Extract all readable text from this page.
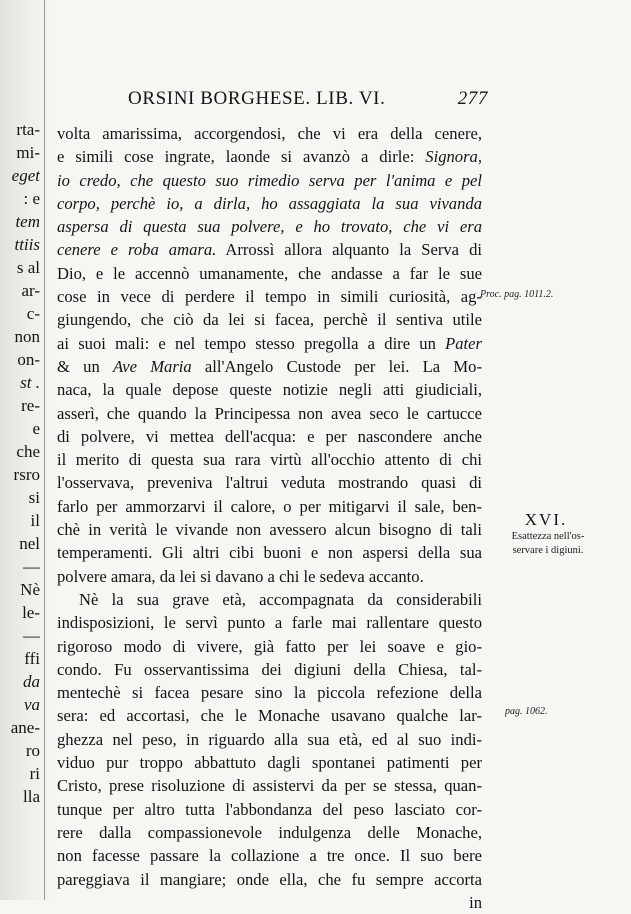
rta-
mi-
eget
: e
tem
ttiis
s al
ar-
c-
non
on-
st .
re-
e
che
rsro
si
il
nel
—
Nè
le-
—
ffi
da
va
ane-
ro
ri
lla
ORSINI BORGHESE. LIB. VI.	277
volta amarissima, accorgendosi, che vi era della cenere,
e simili cose ingrate, laonde si avanzò a dirle: Signora,
io credo, che questo suo rimedio serva per l'anima e pel
corpo, perchè io, a dirla, ho assaggiata la sua vivanda
aspersa di questa sua polvere, e ho trovato, che vi era
cenere e roba amara. Arrossì allora alquanto la Serva di
Dio, e le accennò umanamente, che andasse a far le sue
cose in vece di perdere il tempo in simili curiosità, ag-
giungendo, che ciò da lei si facea, perchè il sentiva utile
ai suoi mali: e nel tempo stesso pregolla a dire un Pater
& un Ave Maria all'Angelo Custode per lei. La Mo-
naca, la quale depose queste notizie negli atti giudiciali,
asserì, che quando la Principessa non avea seco le cartucce
di polvere, vi mettea dell'acqua: e per nascondere anche
il merito di questa sua rara virtù all'occhio attento di chi
l'osservava, preveniva l'altrui veduta mostrando quasi di
farlo per ammorzarvi il calore, o per mitigarvi il sale, ben-
chè in verità le vivande non avessero alcun bisogno di tali
temperamenti. Gli altri cibi buoni e non aspersi della sua
polvere amara, da lei si davano a chi le sedeva accanto.
Nè la sua grave età, accompagnata da considerabili
indisposizioni, le servì punto a farle mai rallentare questo
rigoroso modo di vivere, già fatto per lei soave e gio-
condo. Fu osservantissima dei digiuni della Chiesa, tal-
mentechè si facea pesare sino la piccola refezione della
sera: ed accortasi, che le Monache usavano qualche lar-
ghezza nel peso, in riguardo alla sua età, ed al suo indi-
viduo pur troppo abbattuto dagli spontanei patimenti per
Cristo, prese risoluzione di assistervi da per se stessa, quan-
tunque per altro tutta l'abbondanza del peso lasciato cor-
rere dalla compassionevole indulgenza delle Monache,
non facesse passare la collazione a tre once. Il suo bere
pareggiava il mangiare; onde ella, che fu sempre accorta
in
Proc. pag. 1011.2.
XVI.
Esattezza nell'os-
servare i digiuni.
pag. 1062.
